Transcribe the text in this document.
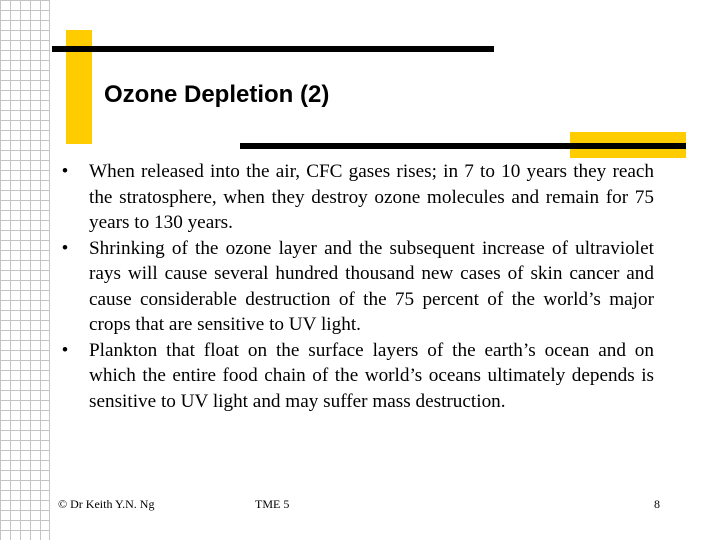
Ozone Depletion (2)
• When released into the air, CFC gases rises; in 7 to 10 years they reach the stratosphere, when they destroy ozone molecules and remain for 75 years to 130 years.
• Shrinking of the ozone layer and the subsequent increase of ultraviolet rays will cause several hundred thousand new cases of skin cancer and cause considerable destruction of the 75 percent of the world’s major crops that are sensitive to UV light.
• Plankton that float on the surface layers of the earth’s ocean and on which the entire food chain of the world’s oceans ultimately depends is sensitive to UV light and may suffer mass destruction.
© Dr Keith Y.N. Ng	TME 5	8
